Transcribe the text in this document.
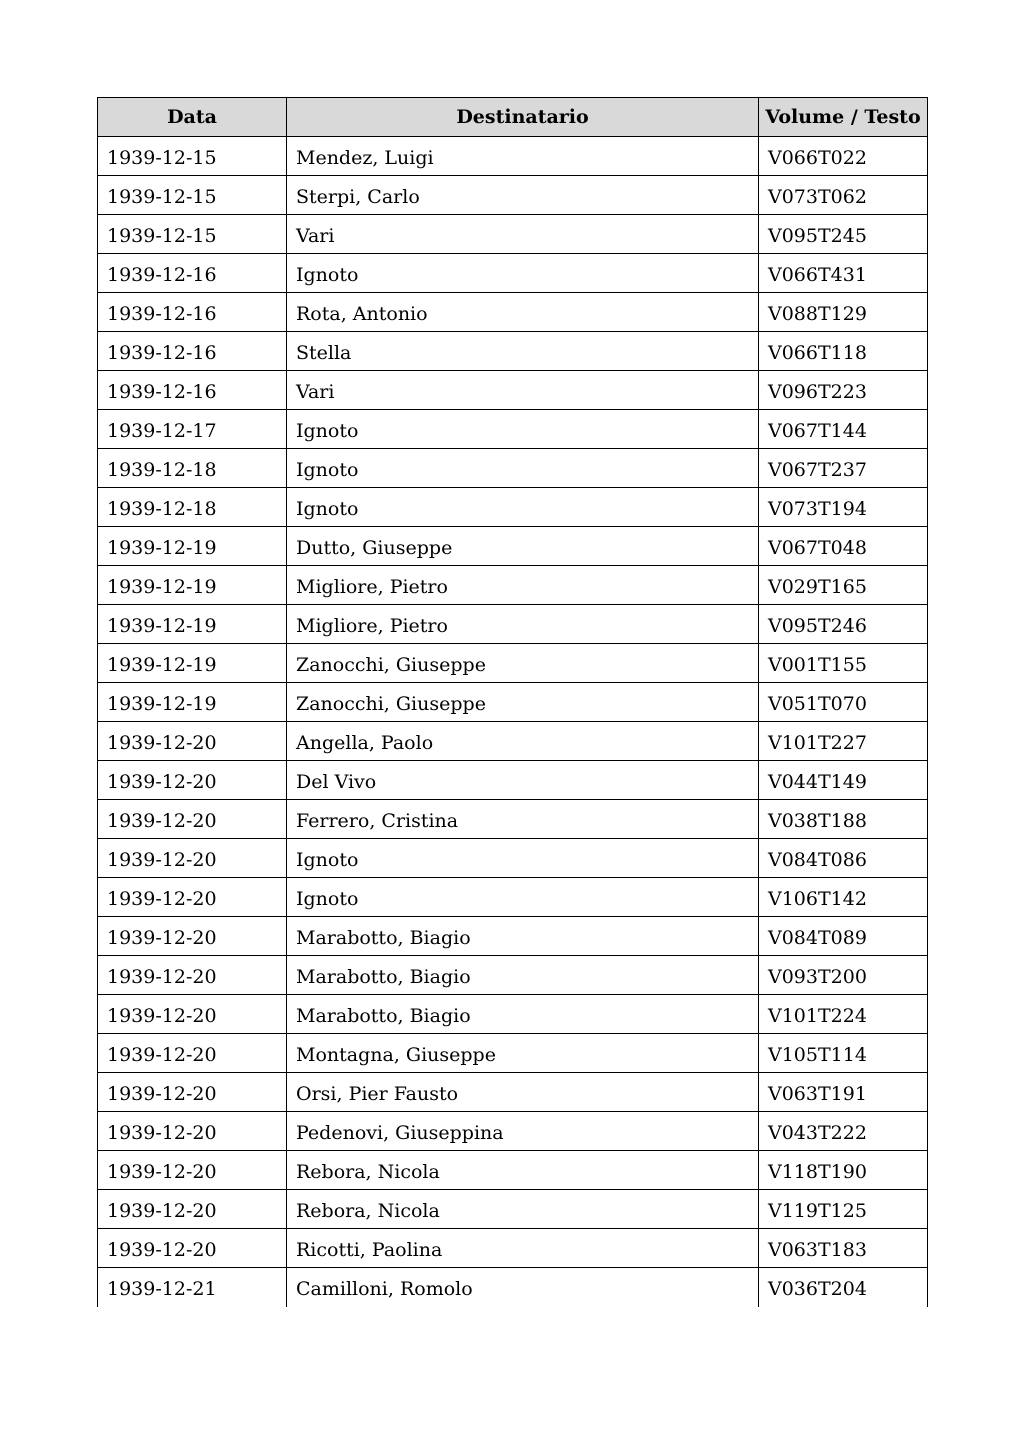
Data	Destinatario	Volume / Testo
1939-12-15	Mendez, Luigi	V066T022
1939-12-15	Sterpi, Carlo	V073T062
1939-12-15	Vari	V095T245
1939-12-16	Ignoto	V066T431
1939-12-16	Rota, Antonio	V088T129
1939-12-16	Stella	V066T118
1939-12-16	Vari	V096T223
1939-12-17	Ignoto	V067T144
1939-12-18	Ignoto	V067T237
1939-12-18	Ignoto	V073T194
1939-12-19	Dutto, Giuseppe	V067T048
1939-12-19	Migliore, Pietro	V029T165
1939-12-19	Migliore, Pietro	V095T246
1939-12-19	Zanocchi, Giuseppe	V001T155
1939-12-19	Zanocchi, Giuseppe	V051T070
1939-12-20	Angella, Paolo	V101T227
1939-12-20	Del Vivo	V044T149
1939-12-20	Ferrero, Cristina	V038T188
1939-12-20	Ignoto	V084T086
1939-12-20	Ignoto	V106T142
1939-12-20	Marabotto, Biagio	V084T089
1939-12-20	Marabotto, Biagio	V093T200
1939-12-20	Marabotto, Biagio	V101T224
1939-12-20	Montagna, Giuseppe	V105T114
1939-12-20	Orsi, Pier Fausto	V063T191
1939-12-20	Pedenovi, Giuseppina	V043T222
1939-12-20	Rebora, Nicola	V118T190
1939-12-20	Rebora, Nicola	V119T125
1939-12-20	Ricotti, Paolina	V063T183
1939-12-21	Camilloni, Romolo	V036T204
